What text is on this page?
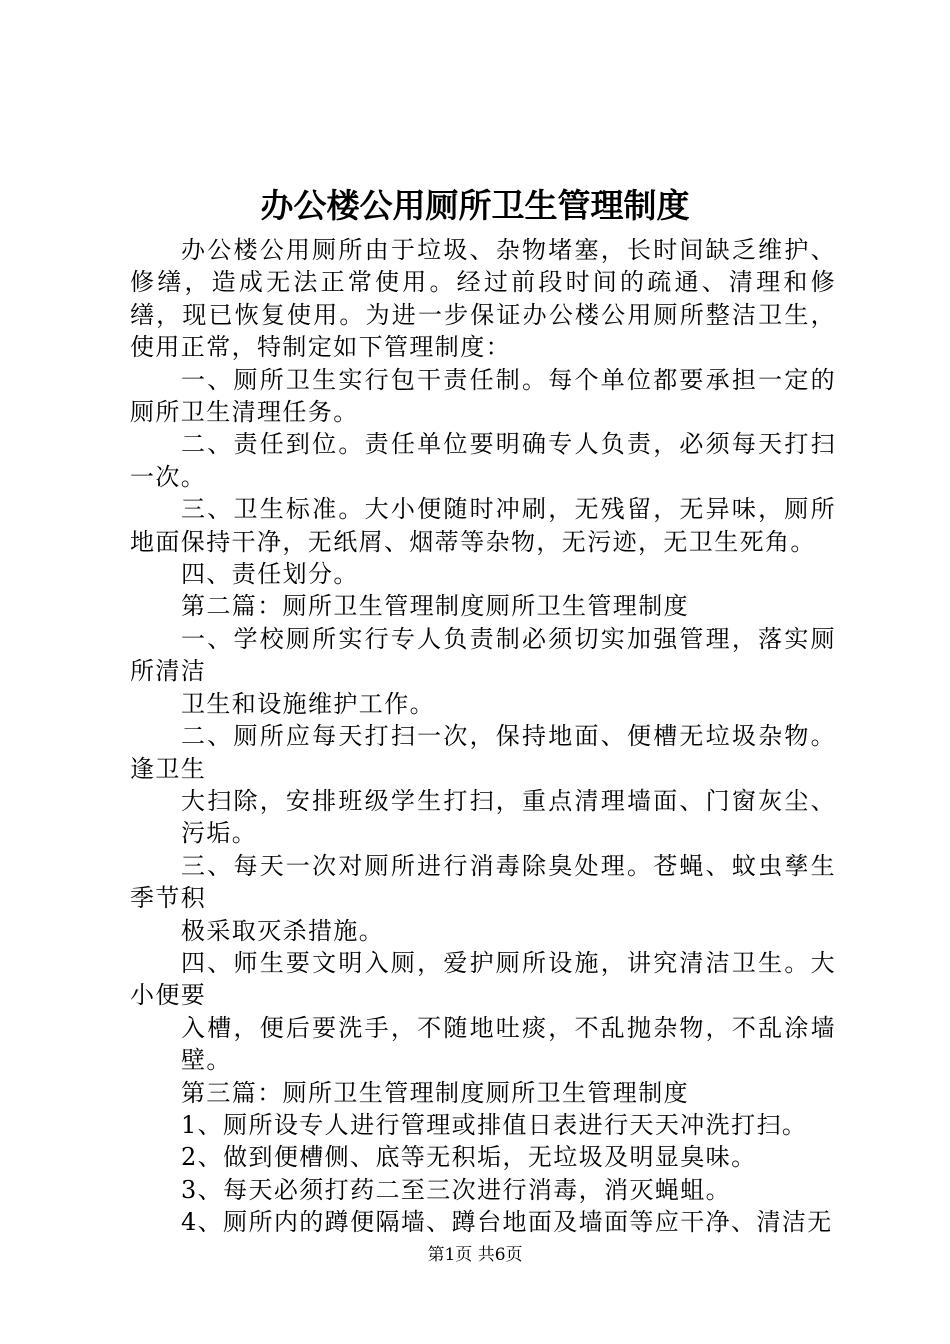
办公楼公用厕所卫生管理制度

办公楼公用厕所由于垃圾、杂物堵塞，长时间缺乏维护、修缮，造成无法正常使用。经过前段时间的疏通、清理和修缮，现已恢复使用。为进一步保证办公楼公用厕所整洁卫生，使用正常，特制定如下管理制度：

一、厕所卫生实行包干责任制。每个单位都要承担一定的厕所卫生清理任务。

二、责任到位。责任单位要明确专人负责，必须每天打扫一次。

三、卫生标准。大小便随时冲刷，无残留，无异味，厕所地面保持干净，无纸屑、烟蒂等杂物，无污迹，无卫生死角。

四、责任划分。

第二篇：厕所卫生管理制度厕所卫生管理制度

一、学校厕所实行专人负责制必须切实加强管理，落实厕所清洁

卫生和设施维护工作。

二、厕所应每天打扫一次，保持地面、便槽无垃圾杂物。逢卫生

大扫除，安排班级学生打扫，重点清理墙面、门窗灰尘、污垢。

三、每天一次对厕所进行消毒除臭处理。苍蝇、蚊虫孳生季节积

极采取灭杀措施。

四、师生要文明入厕，爱护厕所设施，讲究清洁卫生。大小便要

入槽，便后要洗手，不随地吐痰，不乱抛杂物，不乱涂墙壁。

第三篇：厕所卫生管理制度厕所卫生管理制度

1、厕所设专人进行管理或排值日表进行天天冲洗打扫。

2、做到便槽侧、底等无积垢，无垃圾及明显臭味。

3、每天必须打药二至三次进行消毒，消灭蝇蛆。

4、厕所内的蹲便隔墙、蹲台地面及墙面等应干净、清洁无

第1页 共6页
